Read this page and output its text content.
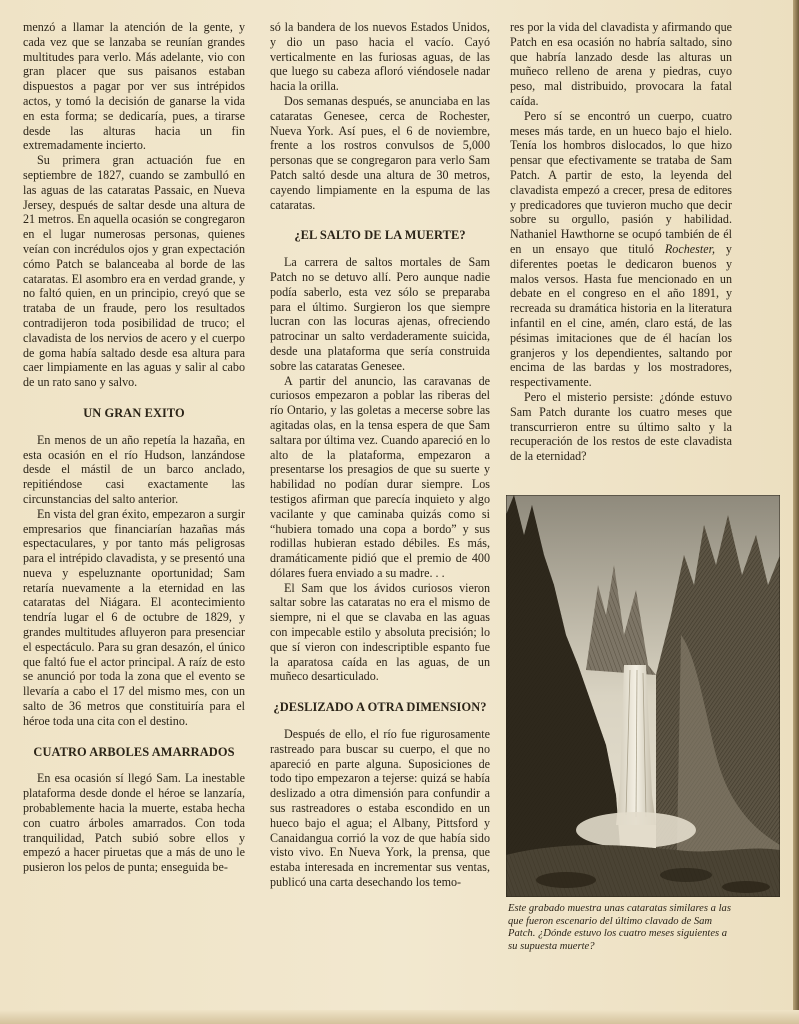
menzó a llamar la atención de la gente, y cada vez que se lanzaba se reunían grandes multitudes para verlo. Más adelante, vio con gran placer que sus paisanos estaban dispuestos a pagar por ver sus intrépidos actos, y tomó la decisión de ganarse la vida en esta forma; se dedicaría, pues, a tirarse desde las alturas hacia un fin extremadamente incierto.

Su primera gran actuación fue en septiembre de 1827, cuando se zambulló en las aguas de las cataratas Passaic, en Nueva Jersey, después de saltar desde una altura de 21 metros. En aquella ocasión se congregaron en el lugar numerosas personas, quienes veían con incrédulos ojos y gran expectación cómo Patch se balanceaba al borde de las cataratas. El asombro era en verdad grande, y no faltó quien, en un principio, creyó que se trataba de un fraude, pero los resultados contradijeron toda posibilidad de truco; el clavadista de los nervios de acero y el cuerpo de goma había saltado desde esa altura para caer limpiamente en las aguas y salir al cabo de un rato sano y salvo.

UN GRAN EXITO

En menos de un año repetía la hazaña, en esta ocasión en el río Hudson, lanzándose desde el mástil de un barco anclado, repitiéndose casi exactamente las circunstancias del salto anterior.

En vista del gran éxito, empezaron a surgir empresarios que financiarían hazañas más espectaculares, y por tanto más peligrosas para el intrépido clavadista, y se presentó una nueva y espeluznante oportunidad; Sam retaría nuevamente a la eternidad en las cataratas del Niágara. El acontecimiento tendría lugar el 6 de octubre de 1829, y grandes multitudes afluyeron para presenciar el espectáculo. Para su gran desazón, el único que faltó fue el actor principal. A raíz de esto se anunció por toda la zona que el evento se llevaría a cabo el 17 del mismo mes, con un salto de 36 metros que constituiría para el héroe toda una cita con el destino.

CUATRO ARBOLES AMARRADOS

En esa ocasión sí llegó Sam. La inestable plataforma desde donde el héroe se lanzaría, probablemente hacia la muerte, estaba hecha con cuatro árboles amarrados. Con toda tranquilidad, Patch subió sobre ellos y empezó a hacer piruetas que a más de uno le pusieron los pelos de punta; enseguida be-

só la bandera de los nuevos Estados Unidos, y dio un paso hacia el vacío. Cayó verticalmente en las furiosas aguas, de las que luego su cabeza afloró viéndosele nadar hacia la orilla.

Dos semanas después, se anunciaba en las cataratas Genesee, cerca de Rochester, Nueva York. Así pues, el 6 de noviembre, frente a los rostros convulsos de 5,000 personas que se congregaron para verlo Sam Patch saltó desde una altura de 30 metros, cayendo limpiamente en la espuma de las cataratas.

¿EL SALTO DE LA MUERTE?

La carrera de saltos mortales de Sam Patch no se detuvo allí. Pero aunque nadie podía saberlo, esta vez sólo se preparaba para el último. Surgieron los que siempre lucran con las locuras ajenas, ofreciendo patrocinar un salto verdaderamente suicida, desde una plataforma que sería construida sobre las cataratas Genesee.

A partir del anuncio, las caravanas de curiosos empezaron a poblar las riberas del río Ontario, y las goletas a mecerse sobre las agitadas olas, en la tensa espera de que Sam saltara por última vez. Cuando apareció en lo alto de la plataforma, empezaron a presentarse los presagios de que su suerte y habilidad no podían durar siempre. Los testigos afirman que parecía inquieto y algo vacilante y que caminaba quizás como si “hubiera tomado una copa a bordo” y sus rodillas hubieran estado débiles. Es más, dramáticamente pidió que el premio de 400 dólares fuera enviado a su madre. . .

El Sam que los ávidos curiosos vieron saltar sobre las cataratas no era el mismo de siempre, ni el que se clavaba en las aguas con impecable estilo y absoluta precisión; lo que sí vieron con indescriptible espanto fue la aparatosa caída en las aguas, de un muñeco desarticulado.

¿DESLIZADO A OTRA DIMENSION?

Después de ello, el río fue rigurosamente rastreado para buscar su cuerpo, el que no apareció en parte alguna. Suposiciones de todo tipo empezaron a tejerse: quizá se había deslizado a otra dimensión para confundir a sus rastreadores o estaba escondido en un hueco bajo el agua; el Albany, Pittsford y Canaidangua corrió la voz de que había sido visto vivo. En Nueva York, la prensa, que estaba interesada en incrementar sus ventas, publicó una carta desechando los temo-

res por la vida del clavadista y afirmando que Patch en esa ocasión no habría saltado, sino que habría lanzado desde las alturas un muñeco relleno de arena y piedras, cuyo peso, mal distribuido, provocara la fatal caída.

Pero sí se encontró un cuerpo, cuatro meses más tarde, en un hueco bajo el hielo. Tenía los hombros dislocados, lo que hizo pensar que efectivamente se trataba de Sam Patch. A partir de esto, la leyenda del clavadista empezó a crecer, presa de editores y predicadores que tuvieron mucho que decir sobre su orgullo, pasión y habilidad. Nathaniel Hawthorne se ocupó también de él en un ensayo que tituló Rochester, y diferentes poetas le dedicaron buenos y malos versos. Hasta fue mencionado en un debate en el congreso en el año 1891, y recreada su dramática historia en la literatura infantil en el cine, amén, claro está, de las pésimas imitaciones que de él hacían los granjeros y los dependientes, saltando por encima de las bardas y los mostradores, respectivamente.

Pero el misterio persiste: ¿dónde estuvo Sam Patch durante los cuatro meses que transcurrieron entre su último salto y la recuperación de los restos de este clavadista de la eternidad?

Este grabado muestra unas cataratas similares a las que fueron escenario del último clavado de Sam Patch. ¿Dónde estuvo los cuatro meses siguientes a su supuesta muerte?
